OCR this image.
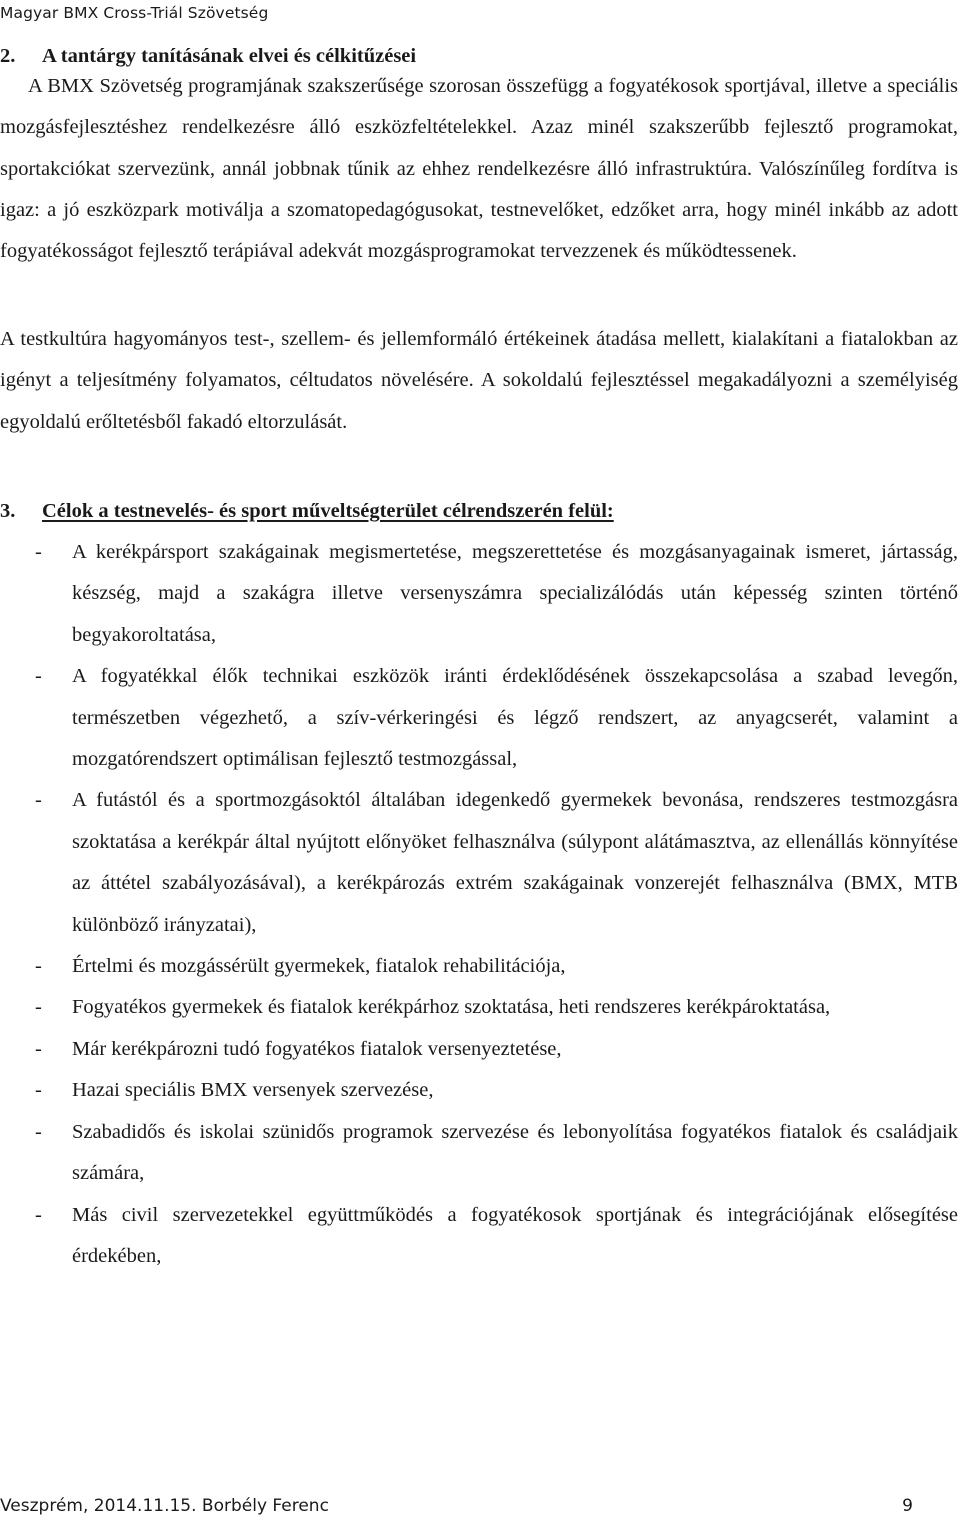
Magyar BMX Cross-Triál Szövetség
2. A tantárgy tanításának elvei és célkitűzései

A BMX Szövetség programjának szakszerűsége szorosan összefügg a fogyatékosok sportjával, illetve a speciális mozgásfejlesztéshez rendelkezésre álló eszközfeltételekkel. Azaz minél szakszerűbb fejlesztő programokat, sportakciókat szervezünk, annál jobbnak tűnik az ehhez rendelkezésre álló infrastruktúra. Valószínűleg fordítva is igaz: a jó eszközpark motiválja a szomatopedagógusokat, testnevelőket, edzőket arra, hogy minél inkább az adott fogyatékosságot fejlesztő terápiával adekvát mozgásprogramokat tervezzenek és működtessenek.

A testkultúra hagyományos test-, szellem- és jellemformáló értékeinek átadása mellett, kialakítani a fiatalokban az igényt a teljesítmény folyamatos, céltudatos növelésére. A sokoldalú fejlesztéssel megakadályozni a személyiség egyoldalú erőltetésből fakadó eltorzulását.

3. Célok a testnevelés- és sport műveltségterület célrendszerén felül:
- A kerékpársport szakágainak megismertetése, megszerettetése és mozgásanyagainak ismeret, jártasság, készség, majd a szakágra illetve versenyszámra specializálódás után képesség szinten történő begyakoroltatása,
- A fogyatékkal élők technikai eszközök iránti érdeklődésének összekapcsolása a szabad levegőn, természetben végezhető, a szív-vérkeringési és légző rendszert, az anyagcserét, valamint a mozgatórendszert optimálisan fejlesztő testmozgással,
- A futástól és a sportmozgásoktól általában idegenkedő gyermekek bevonása, rendszeres testmozgásra szoktatása a kerékpár által nyújtott előnyöket felhasználva (súlypont alátámasztva, az ellenállás könnyítése az áttétel szabályozásával), a kerékpározás extrém szakágainak vonzerejét felhasználva (BMX, MTB különböző irányzatai),
- Értelmi és mozgássérült gyermekek, fiatalok rehabilitációja,
- Fogyatékos gyermekek és fiatalok kerékpárhoz szoktatása, heti rendszeres kerékpároktatása,
- Már kerékpározni tudó fogyatékos fiatalok versenyeztetése,
- Hazai speciális BMX versenyek szervezése,
- Szabadidős és iskolai szünidős programok szervezése és lebonyolítása fogyatékos fiatalok és családjaik számára,
- Más civil szervezetekkel együttműködés a fogyatékosok sportjának és integrációjának elősegítése érdekében,
Veszprém, 2014.11.15. Borbély Ferenc	9
